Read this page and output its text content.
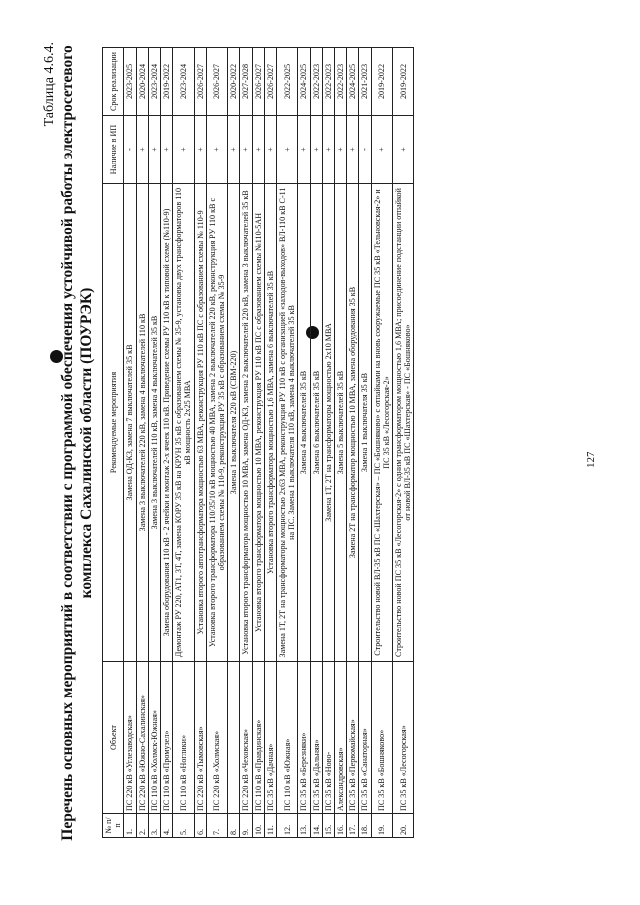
127
Таблица 4.6.4. Перечень основных мероприятий в соответствии с программой обеспечения устойчивой работы электросетевого комплекса Сахалинской области (ПОУРЭК)
№ п/п	Объект	Рекомендуемые мероприятия	Наличие в ИП	Срок реализации
1.	ПС 220 кВ «Углезаводская»	Замена ОД-КЗ, замена 7 выключателей 35 кВ	-	2023-2025
2.	ПС 220 кВ «Южно-Сахалинская»	Замена 3 выключателей 220 кВ, замена 4 выключателей 110 кВ	+	2020-2024
3.	ПС 110 кВ «Холмск-Южная»	Замена 3 выключателей 110 кВ, замена 4 выключателей 35 кВ	+	2023-2024
4.	ПС 110 кВ «Промузел»	Замена оборудования 110 кВ - 2 ячейки и монтаж 2-х ячеек 110 кВ. Приведение схемы РУ 110 кВ к типовой схеме (№110-9)	+	2019-2022
5.	ПС 110 кВ «Ноглики»	Демонтаж РУ 220, АТ1, 3Т, 4Т, замена КОРУ 35 кВ на КРУН 35 кВ с образованием схемы № 35-9, установка двух трансформаторов 110 кВ мощность 2х25 МВА	+	2023-2024
6.	ПС 220 кВ «Тымовская»	Установка второго автотрансформатора мощностью 63 МВА, реконструкция РУ 110 кВ ПС с образованием схемы № 110-9	+	2026-2027
7.	ПС 220 кВ «Холмская»	Установка второго трансформатора 110/35/10 кВ мощностью 40 МВА, замена 2 выключателей 220 кВ, реконструкция РУ 110 кВ с образованием схемы № 110-9, реконструкция РУ 35 кВ с образованием схемы № 35-9	+	2026-2027
8.		Замена 1 выключателя 220 кВ (СВМ-220)	+	2020-2022
9.	ПС 220 кВ «Чеховская»	Установка второго трансформатора мощностью 10 МВА, замена ОД-КЗ, замена 2 выключателей 220 кВ, замена 3 выключателей 35 кВ	+	2027-2028
10.	ПС 110 кВ «Правдинская»	Установка второго трансформатора мощностью 10 МВА, реконструкция РУ 110 кВ ПС с образованием схемы №110-5АН	+	2026-2027
11.	ПС 35 кВ «Дачная»	Установка второго трансформатора мощностью 1,6 МВА, замена 6 выключателей 35 кВ	+	2026-2027
12.	ПС 110 кВ «Южная»	Замена 1Т, 2Т на трансформаторы мощностью 2х63 МВА, реконструкция РУ 110 кВ с организацией «заходов-выходов» ВЛ-110 кВ С-11 на ПС. Замена 1 выключателя 110 кВ, замена 4 выключателей 35 кВ	+	2022-2025
13.	ПС 35 кВ «Березняки»	Замена 4 выключателей 35 кВ	+	2024-2025
14.	ПС 35 кВ «Дальняя»	Замена 6 выключателей 35 кВ	+	2022-2023
15.	ПС 35 кВ «Ново-	Замена 1Т, 2Т на трансформаторы мощностью 2х10 МВА	+	2022-2023
16.	Александровская»	Замена 5 выключателей 35 кВ	+	2022-2023
17.	ПС 35 кВ «Первомайская»	Замена 2Т на трансформатор мощностью 10 МВА, замена оборудования 35 кВ	+	2024-2025
18.	ПС 35 кВ «Санаторная»	Замена 1 выключателя 35 кВ	-	2021-2023
19.	ПС 35 кВ «Бошняково»	Строительство новой ВЛ-35 кВ ПС «Шахтерская» – ПС «Бошняково» с отпайками на вновь сооружаемые ПС 35 кВ «Тельновская-2» и ПС 35 кВ «Лесогорская-2»	+	2019-2022
20.	ПС 35 кВ «Лесогорская»	Строительство новой ПС 35 кВ «Лесогорская-2» с одним трансформатором мощностью 1,6 МВА; присоединение подстанции отпайкой от новой ВЛ-35 кВ ПС «Шахтерская» - ПС «Бошняково»	+	2019-2022
